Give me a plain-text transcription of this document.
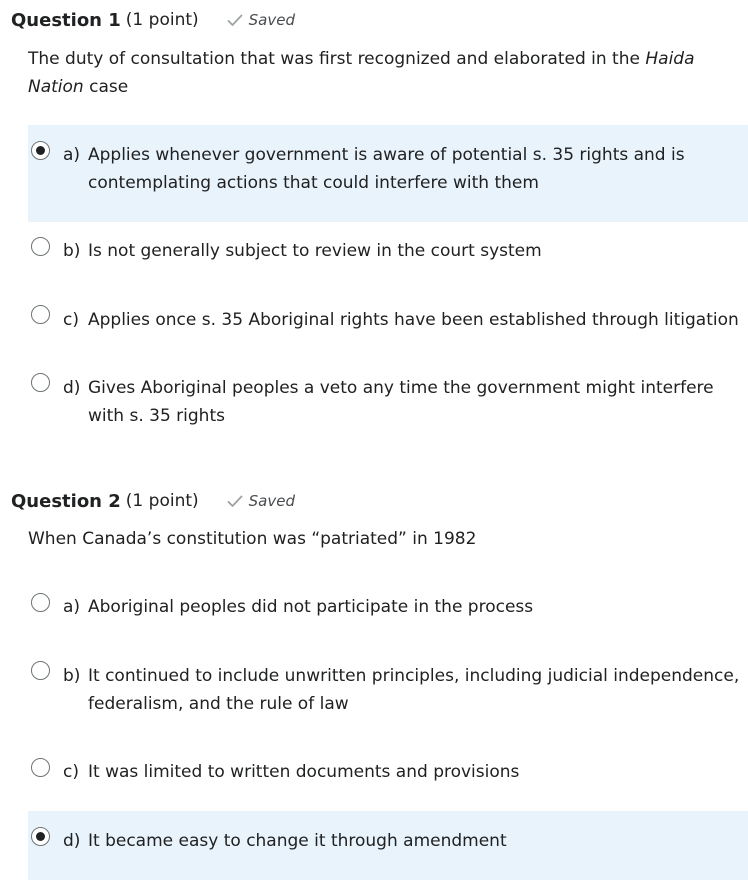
Question 1 (1 point)	Saved
The duty of consultation that was first recognized and elaborated in the Haida Nation case
a) Applies whenever government is aware of potential s. 35 rights and is contemplating actions that could interfere with them
b) Is not generally subject to review in the court system
c) Applies once s. 35 Aboriginal rights have been established through litigation
d) Gives Aboriginal peoples a veto any time the government might interfere with s. 35 rights
Question 2 (1 point)	Saved
When Canada’s constitution was “patriated” in 1982
a) Aboriginal peoples did not participate in the process
b) It continued to include unwritten principles, including judicial independence, federalism, and the rule of law
c) It was limited to written documents and provisions
d) It became easy to change it through amendment
